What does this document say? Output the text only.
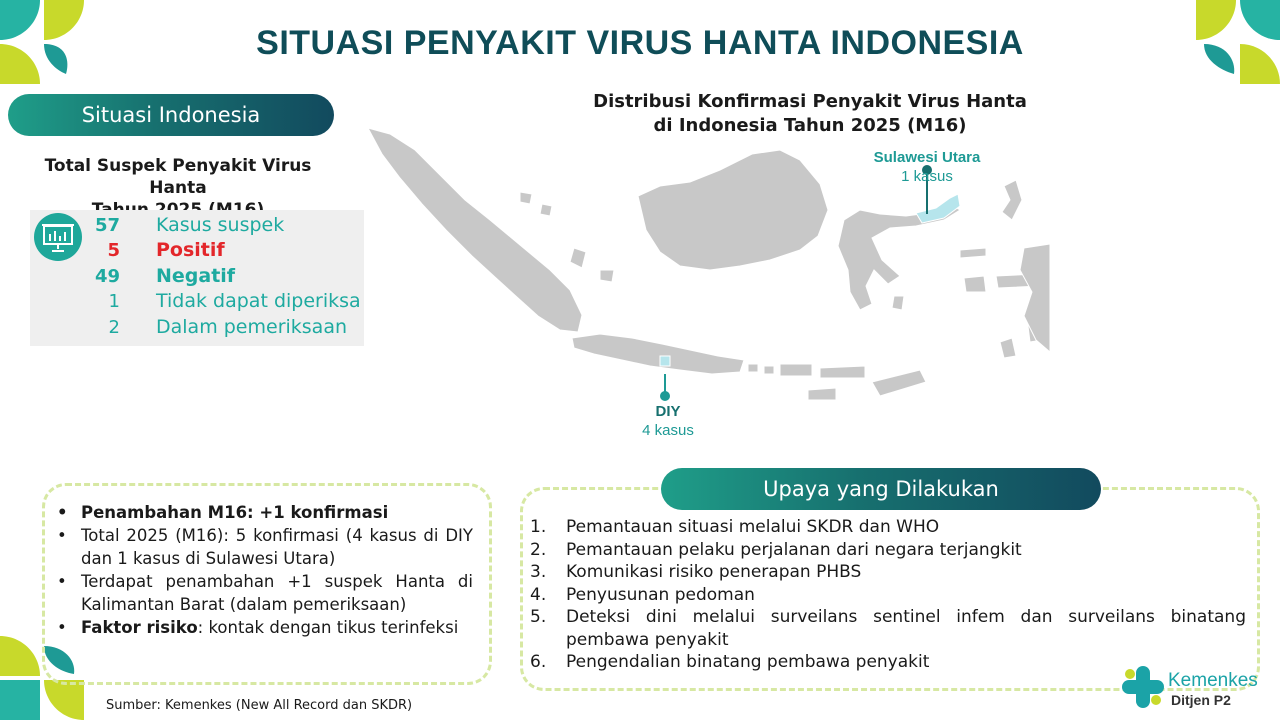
SITUASI PENYAKIT VIRUS HANTA INDONESIA
Situasi Indonesia
Total Suspek Penyakit Virus Hanta
57 Kasus suspek
5 Positif
49 Negatif
1 Tidak dapat diperiksa
2 Dalam pemeriksaan
Distribusi Konfirmasi Penyakit Virus Hanta
di Indonesia Tahun 2025 (M16)
Sulawesi Utara
1 kasus
DIY
4 kasus
• Penambahan M16: +1 konfirmasi
• Total 2025 (M16): 5 konfirmasi (4 kasus di DIY dan 1 kasus di Sulawesi Utara)
• Terdapat penambahan +1 suspek Hanta di Kalimantan Barat (dalam pemeriksaan)
• Faktor risiko: kontak dengan tikus terinfeksi
Upaya yang Dilakukan
1. Pemantauan situasi melalui SKDR dan WHO
2. Pemantauan pelaku perjalanan dari negara terjangkit
3. Komunikasi risiko penerapan PHBS
4. Penyusunan pedoman
5. Deteksi dini melalui surveilans sentinel infem dan surveilans binatang pembawa penyakit
6. Pengendalian binatang pembawa penyakit
Sumber: Kemenkes (New All Record dan SKDR)
Kemenkes
Ditjen P2
